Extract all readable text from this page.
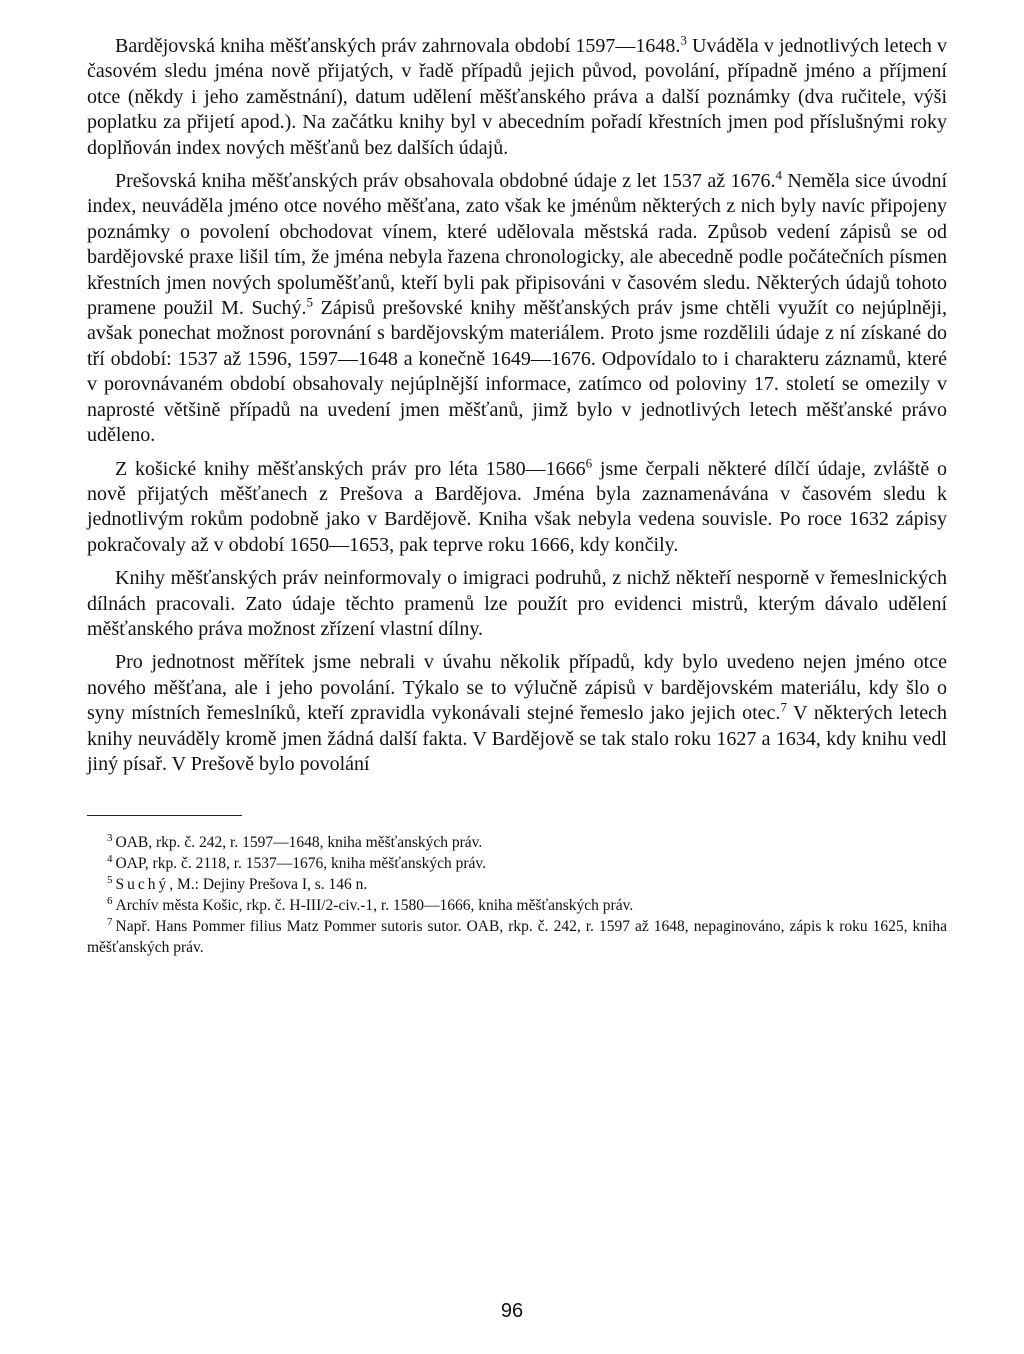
Bardějovská kniha měšťanských práv zahrnovala období 1597—1648.$^3$ Uváděla v jednotlivých letech v časovém sledu jména nově přijatých, v řadě případů jejich původ, povolání, případně jméno a příjmení otce (někdy i jeho zaměstnání), datum udělení měšťanského práva a další poznámky (dva ručitele, výši poplatku za přijetí apod.). Na začátku knihy byl v abecedním pořadí křestních jmen pod příslušnými roky doplňován index nových měšťanů bez dalších údajů.

Prešovská kniha měšťanských práv obsahovala obdobné údaje z let 1537 až 1676.$^4$ Neměla sice úvodní index, neuváděla jméno otce nového měšťana, zato však ke jménům některých z nich byly navíc připojeny poznámky o povolení obchodovat vínem, které udělovala městská rada. Způsob vedení zápisů se od bardějovské praxe lišil tím, že jména nebyla řazena chronologicky, ale abecedně podle počátečních písmen křestních jmen nových spoluměšťanů, kteří byli pak připisováni v časovém sledu. Některých údajů tohoto pramene použil M. Suchý.$^5$ Zápisů prešovské knihy měšťanských práv jsme chtěli využít co nejúplněji, avšak ponechat možnost porovnání s bardějovským materiálem. Proto jsme rozdělili údaje z ní získané do tří období: 1537 až 1596, 1597—1648 a konečně 1649—1676. Odpovídalo to i charakteru záznamů, které v porovnávaném období obsahovaly nejúplnější informace, zatímco od poloviny 17. století se omezily v naprosté většině případů na uvedení jmen měšťanů, jimž bylo v jednotlivých letech měšťanské právo uděleno.

Z košické knihy měšťanských práv pro léta 1580—1666$^6$ jsme čerpali některé dílčí údaje, zvláště o nově přijatých měšťanech z Prešova a Bardějova. Jména byla zaznamenávána v časovém sledu k jednotlivým rokům podobně jako v Bardějově. Kniha však nebyla vedena souvisle. Po roce 1632 zápisy pokračovaly až v období 1650—1653, pak teprve roku 1666, kdy končily.

Knihy měšťanských práv neinformovaly o imigraci podruhů, z nichž někteří nesporně v řemeslnických dílnách pracovali. Zato údaje těchto pramenů lze použít pro evidenci mistrů, kterým dávalo udělení měšťanského práva možnost zřízení vlastní dílny.

Pro jednotnost měřítek jsme nebrali v úvahu několik případů, kdy bylo uvedeno nejen jméno otce nového měšťana, ale i jeho povolání. Týkalo se to výlučně zápisů v bardějovském materiálu, kdy šlo o syny místních řemeslníků, kteří zpravidla vykonávali stejné řemeslo jako jejich otec.$^7$ V některých letech knihy neuváděly kromě jmen žádná další fakta. V Bardějově se tak stalo roku 1627 a 1634, kdy knihu vedl jiný písař. V Prešově bylo povolání

$^3$ OAB, rkp. č. 242, r. 1597—1648, kniha měšťanských práv.

$^4$ OAP, rkp. č. 2118, r. 1537—1676, kniha měšťanských práv.

$^5$ Suchý, M.: Dejiny Prešova I, s. 146 n.

$^6$ Archív města Košic, rkp. č. H-III/2-civ.-1, r. 1580—1666, kniha měšťanských práv.

$^7$ Např. Hans Pommer filius Matz Pommer sutoris sutor. OAB, rkp. č. 242, r. 1597 až 1648, nepaginováno, zápis k roku 1625, kniha měšťanských práv.

96
